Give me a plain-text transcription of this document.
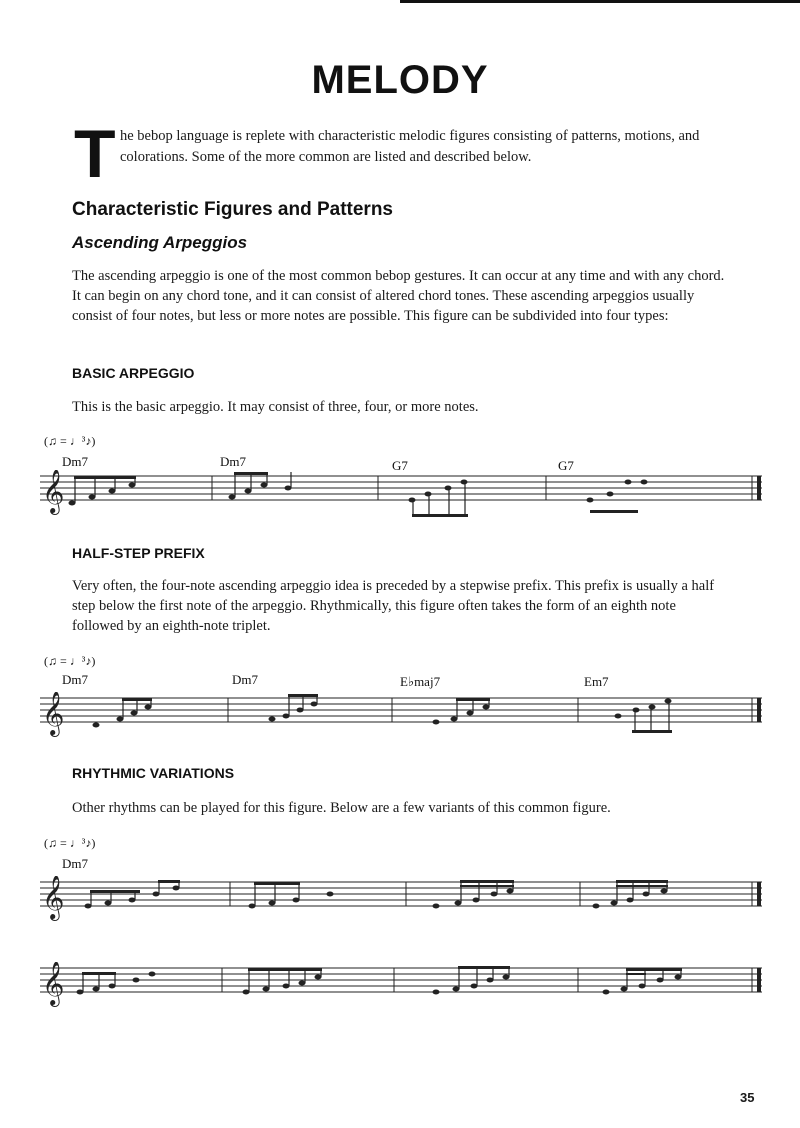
MELODY
T he bebop language is replete with characteristic melodic figures consisting of patterns, motions, and colorations. Some of the more common are listed and described below.
Characteristic Figures and Patterns
Ascending Arpeggios
The ascending arpeggio is one of the most common bebop gestures. It can occur at any time and with any chord. It can begin on any chord tone, and it can consist of altered chord tones. These ascending arpeggios usually consist of four notes, but less or more notes are possible. This figure can be subdivided into four types:
BASIC ARPEGGIO
This is the basic arpeggio. It may consist of three, four, or more notes.
(♫ = ♩³♪)
Dm7	Dm7	G7	G7
𝄞
HALF-STEP PREFIX
Very often, the four-note ascending arpeggio idea is preceded by a stepwise prefix. This prefix is usually a half step below the first note of the arpeggio. Rhythmically, this figure often takes the form of an eighth note followed by an eighth-note triplet.
(♫ = ♩³♪)
Dm7	Dm7	E♭maj7	Em7
𝄞
RHYTHMIC VARIATIONS
Other rhythms can be played for this figure. Below are a few variants of this common figure.
(♫ = ♩³♪)
Dm7
𝄞
𝄞
35
